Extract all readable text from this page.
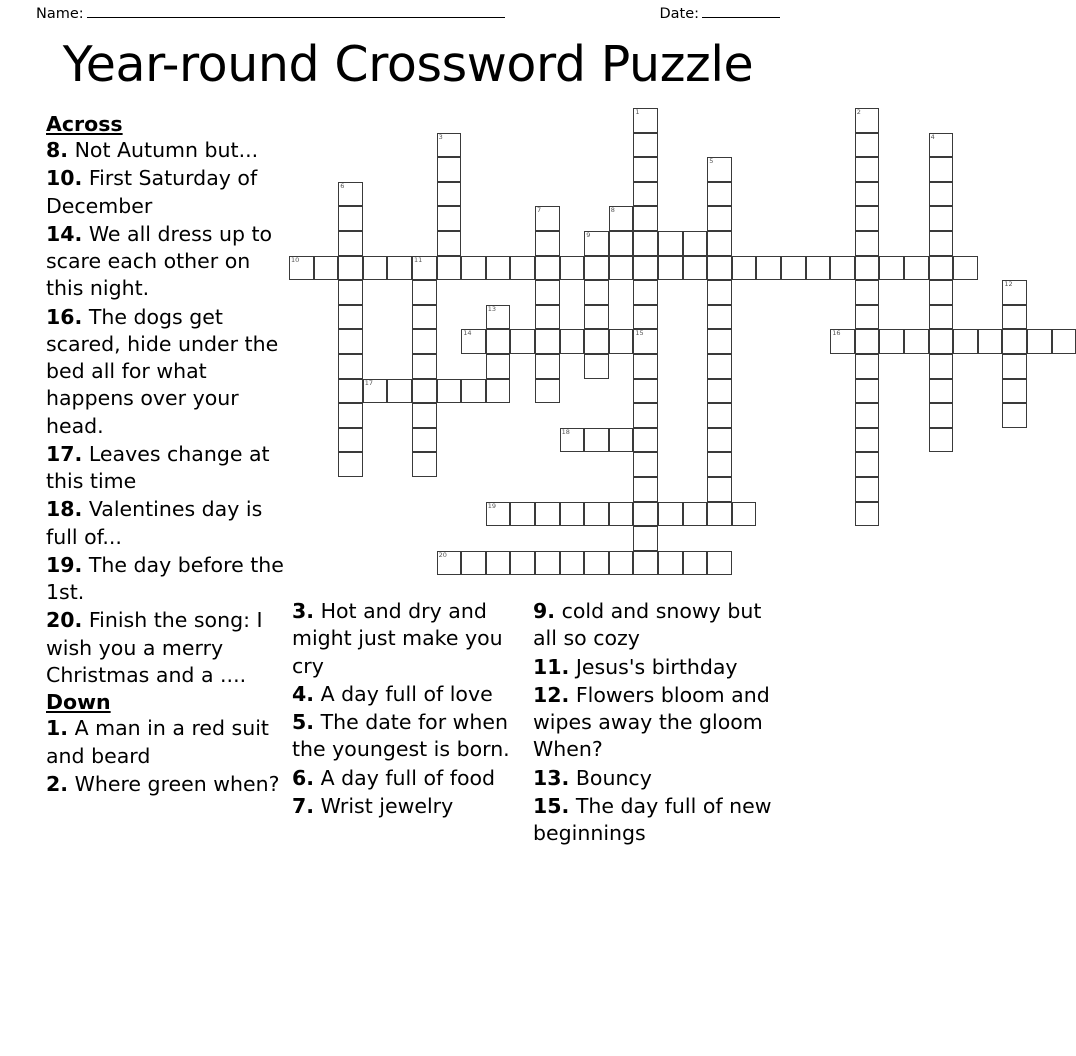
Name:	Date:
Year-round Crossword Puzzle
1	2
3	4
5
6
7	8
9
10	11
12
13
14	15	16
17
18
19
20
Across
8. Not Autumn but...
10. First Saturday of December
14. We all dress up to scare each other on this night.
16. The dogs get scared, hide under the bed all for what happens over your head.
17. Leaves change at this time
18. Valentines day is full of...
19. The day before the 1st.
20. Finish the song: I wish you a merry Christmas and a ....
Down
1. A man in a red suit and beard
2. Where green when?
3. Hot and dry and might just make you cry
4. A day full of love
5. The date for when the youngest is born.
6. A day full of food
7. Wrist jewelry
9. cold and snowy but all so cozy
11. Jesus's birthday
12. Flowers bloom and wipes away the gloom When?
13. Bouncy
15. The day full of new beginnings
